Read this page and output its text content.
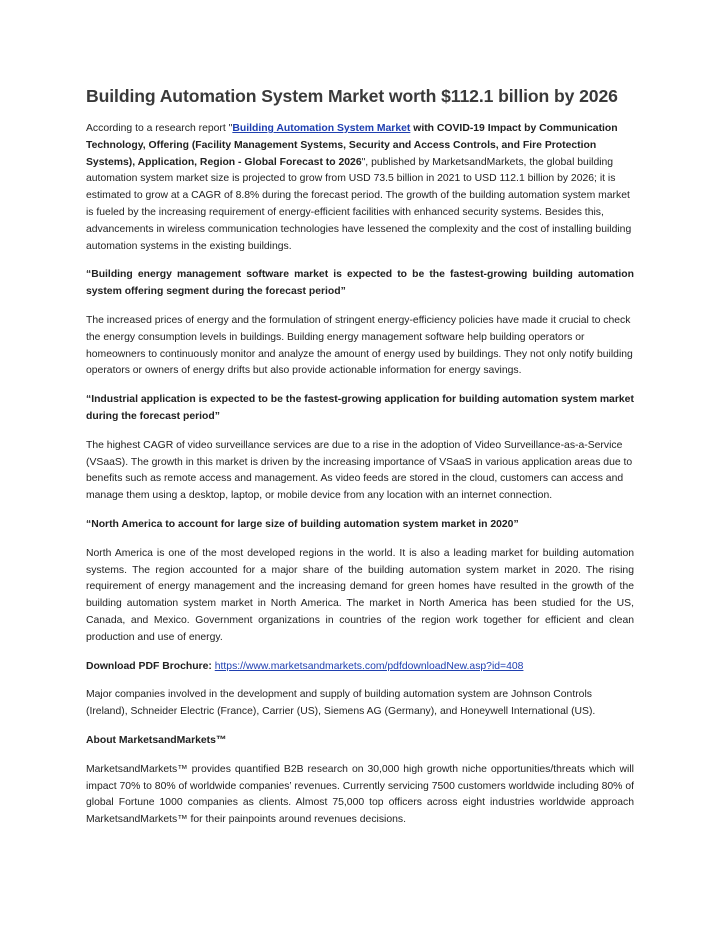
Building Automation System Market worth $112.1 billion by 2026

According to a research report "Building Automation System Market with COVID-19 Impact by Communication Technology, Offering (Facility Management Systems, Security and Access Controls, and Fire Protection Systems), Application, Region - Global Forecast to 2026", published by MarketsandMarkets, the global building automation system market size is projected to grow from USD 73.5 billion in 2021 to USD 112.1 billion by 2026; it is estimated to grow at a CAGR of 8.8% during the forecast period. The growth of the building automation system market is fueled by the increasing requirement of energy-efficient facilities with enhanced security systems. Besides this, advancements in wireless communication technologies have lessened the complexity and the cost of installing building automation systems in the existing buildings.

“Building energy management software market is expected to be the fastest-growing building automation system offering segment during the forecast period”

The increased prices of energy and the formulation of stringent energy-efficiency policies have made it crucial to check the energy consumption levels in buildings. Building energy management software help building operators or homeowners to continuously monitor and analyze the amount of energy used by buildings. They not only notify building operators or owners of energy drifts but also provide actionable information for energy savings.

“Industrial application is expected to be the fastest-growing application for building automation system market during the forecast period”

The highest CAGR of video surveillance services are due to a rise in the adoption of Video Surveillance-as-a-Service (VSaaS). The growth in this market is driven by the increasing importance of VSaaS in various application areas due to benefits such as remote access and management. As video feeds are stored in the cloud, customers can access and manage them using a desktop, laptop, or mobile device from any location with an internet connection.

“North America to account for large size of building automation system market in 2020”

North America is one of the most developed regions in the world. It is also a leading market for building automation systems. The region accounted for a major share of the building automation system market in 2020. The rising requirement of energy management and the increasing demand for green homes have resulted in the growth of the building automation system market in North America. The market in North America has been studied for the US, Canada, and Mexico. Government organizations in countries of the region work together for efficient and clean production and use of energy.

Download PDF Brochure: https://www.marketsandmarkets.com/pdfdownloadNew.asp?id=408

Major companies involved in the development and supply of building automation system are Johnson Controls (Ireland), Schneider Electric (France), Carrier (US), Siemens AG (Germany), and Honeywell International (US).

About MarketsandMarkets™

MarketsandMarkets™ provides quantified B2B research on 30,000 high growth niche opportunities/threats which will impact 70% to 80% of worldwide companies’ revenues. Currently servicing 7500 customers worldwide including 80% of global Fortune 1000 companies as clients. Almost 75,000 top officers across eight industries worldwide approach MarketsandMarkets™ for their painpoints around revenues decisions.
